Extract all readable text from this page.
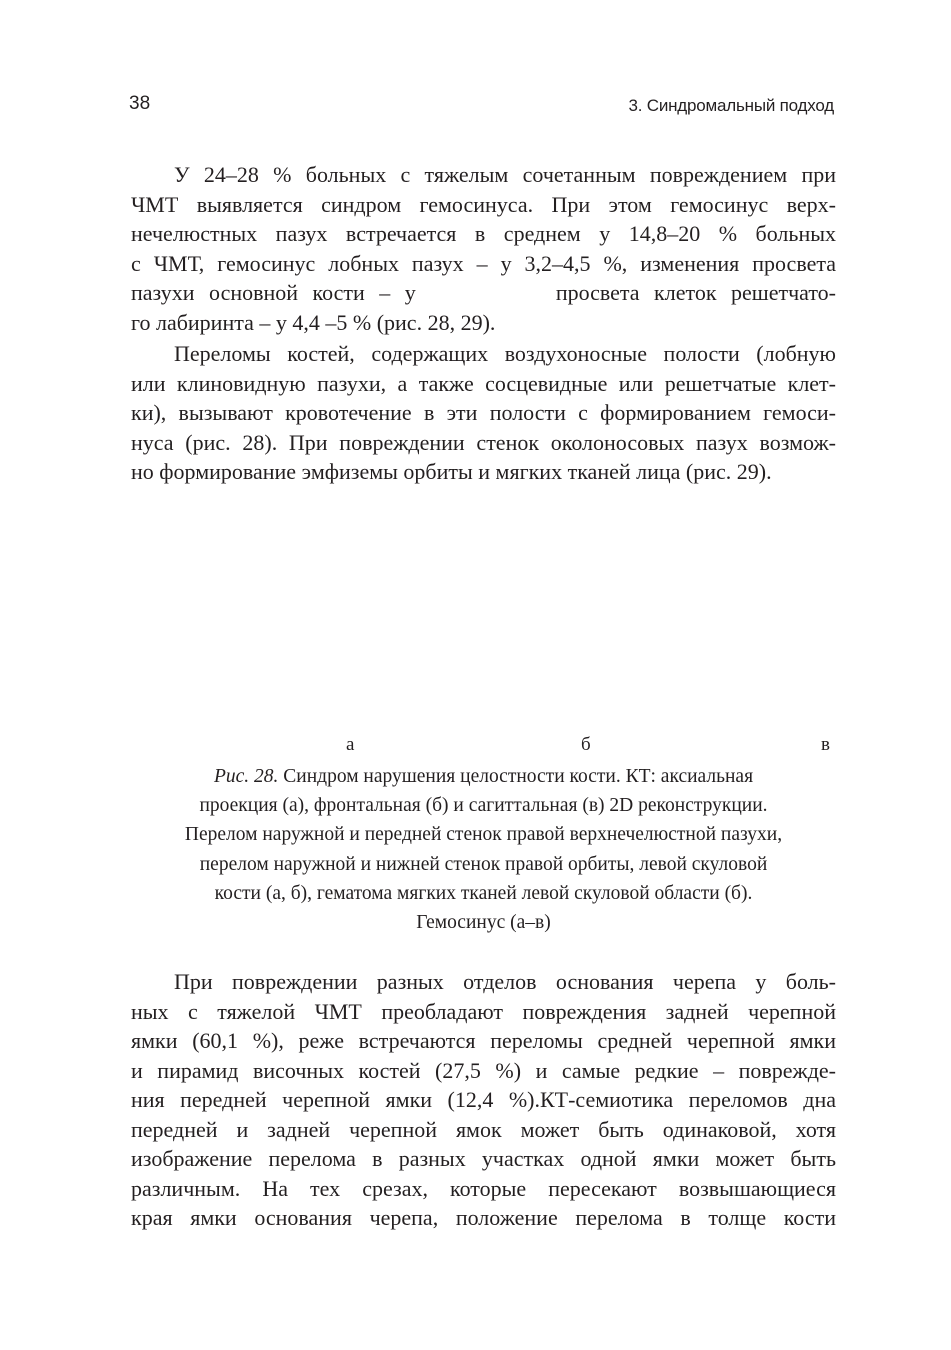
38	3. Синдромальный подход
У 24–28 % больных с тяжелым сочетанным повреждением при
ЧМТ выявляется синдром гемосинуса. При этом гемосинус верх-
нечелюстных пазух встречается в среднем у 14,8–20 % больных
с ЧМТ, гемосинус лобных пазух – у 3,2–4,5 %, изменения просвета
пазухи основной кости – у	просвета клеток решетчато-
го лабиринта – у 4,4 –5 % (рис. 28, 29).
Переломы костей, содержащих воздухоносные полости (лобную
или клиновидную пазухи, а также сосцевидные или решетчатые клет-
ки), вызывают кровотечение в эти полости с формированием гемоси-
нуса (рис. 28). При повреждении стенок околоносовых пазух возмож-
но формирование эмфиземы орбиты и мягких тканей лица (рис. 29).
а	б	в
Рис. 28. Синдром нарушения целостности кости. КТ: аксиальная
проекция (а), фронтальная (б) и сагиттальная (в) 2D реконструкции.
Перелом наружной и передней стенок правой верхнечелюстной пазухи,
перелом наружной и нижней стенок правой орбиты, левой скуловой
кости (а, б), гематома мягких тканей левой скуловой области (б).
Гемосинус (а–в)
При повреждении разных отделов основания черепа у боль-
ных с тяжелой ЧМТ преобладают повреждения задней черепной
ямки (60,1 %), реже встречаются переломы средней черепной ямки
и пирамид височных костей (27,5 %) и самые редкие – поврежде-
ния передней черепной ямки (12,4 %).КТ-семиотика переломов дна
передней и задней черепной ямок может быть одинаковой, хотя
изображение перелома в разных участках одной ямки может быть
различным. На тех срезах, которые пересекают возвышающиеся
края ямки основания черепа, положение перелома в толще кости
